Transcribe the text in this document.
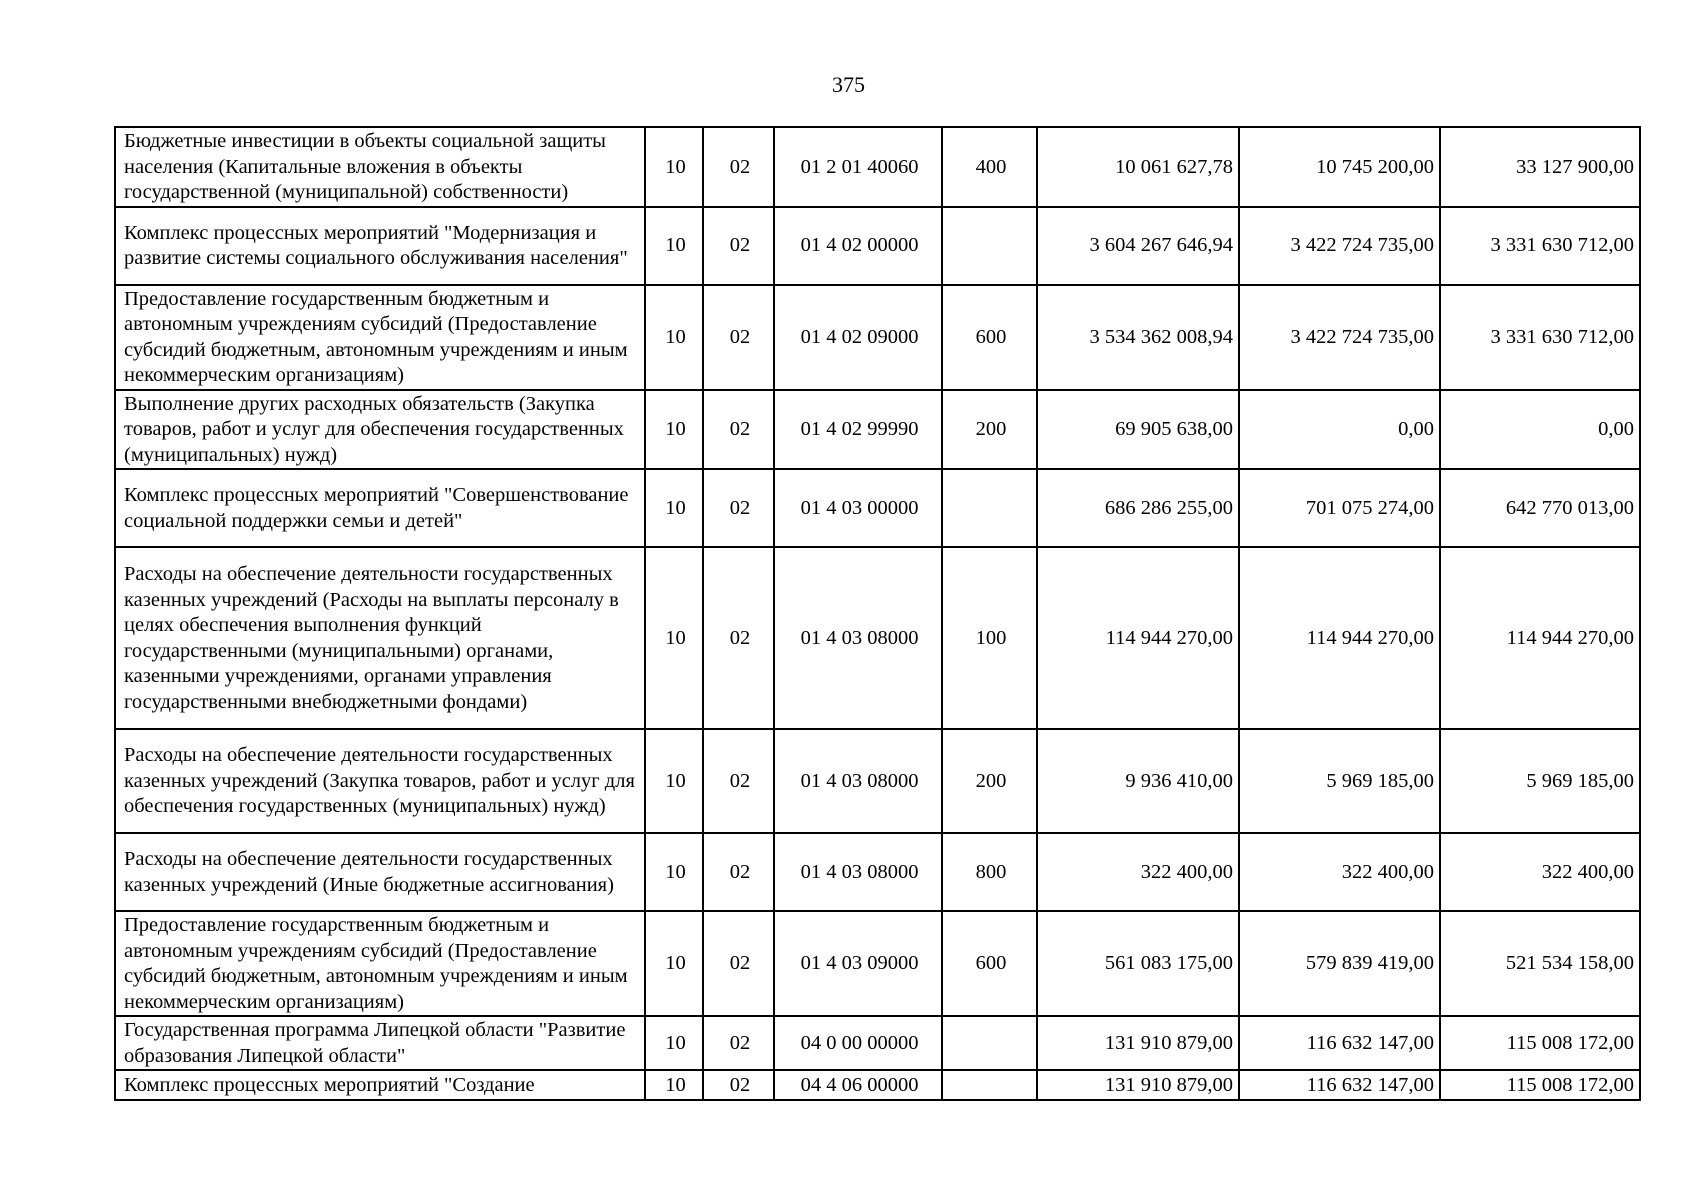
375
Бюджетные инвестиции в объекты социальной защиты населения (Капитальные вложения в объекты государственной (муниципальной) собственности)	10	02	01 2 01 40060	400	10 061 627,78	10 745 200,00	33 127 900,00
Комплекс процессных мероприятий "Модернизация и развитие системы социального обслуживания населения"	10	02	01 4 02 00000		3 604 267 646,94	3 422 724 735,00	3 331 630 712,00
Предоставление государственным бюджетным и автономным учреждениям субсидий (Предоставление субсидий бюджетным, автономным учреждениям и иным некоммерческим организациям)	10	02	01 4 02 09000	600	3 534 362 008,94	3 422 724 735,00	3 331 630 712,00
Выполнение других расходных обязательств (Закупка товаров, работ и услуг для обеспечения государственных (муниципальных) нужд)	10	02	01 4 02 99990	200	69 905 638,00	0,00	0,00
Комплекс процессных мероприятий "Совершенствование социальной поддержки семьи и детей"	10	02	01 4 03 00000		686 286 255,00	701 075 274,00	642 770 013,00
Расходы на обеспечение деятельности государственных казенных учреждений (Расходы на выплаты персоналу в целях обеспечения выполнения функций государственными (муниципальными) органами, казенными учреждениями, органами управления государственными внебюджетными фондами)	10	02	01 4 03 08000	100	114 944 270,00	114 944 270,00	114 944 270,00
Расходы на обеспечение деятельности государственных казенных учреждений (Закупка товаров, работ и услуг для обеспечения государственных (муниципальных) нужд)	10	02	01 4 03 08000	200	9 936 410,00	5 969 185,00	5 969 185,00
Расходы на обеспечение деятельности государственных казенных учреждений (Иные бюджетные ассигнования)	10	02	01 4 03 08000	800	322 400,00	322 400,00	322 400,00
Предоставление государственным бюджетным и автономным учреждениям субсидий (Предоставление субсидий бюджетным, автономным учреждениям и иным некоммерческим организациям)	10	02	01 4 03 09000	600	561 083 175,00	579 839 419,00	521 534 158,00
Государственная программа Липецкой области "Развитие образования Липецкой области"	10	02	04 0 00 00000		131 910 879,00	116 632 147,00	115 008 172,00
Комплекс процессных мероприятий "Создание	10	02	04 4 06 00000		131 910 879,00	116 632 147,00	115 008 172,00
